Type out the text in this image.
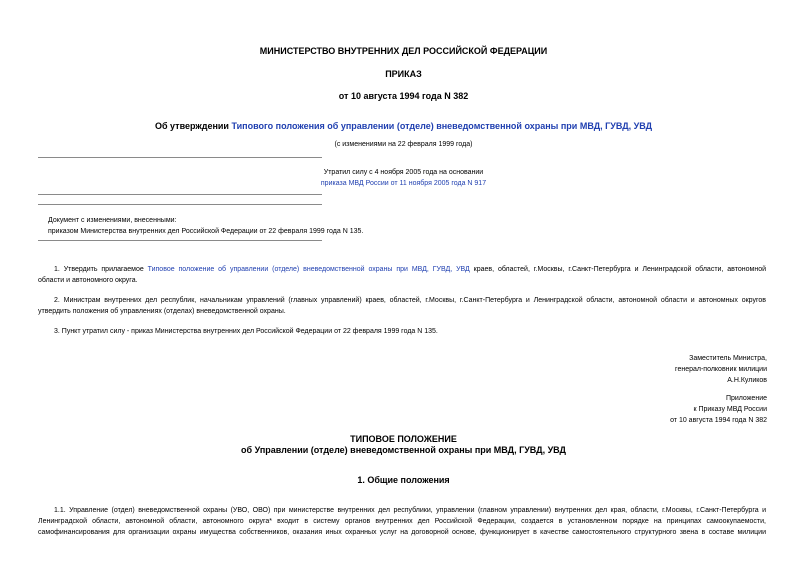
МИНИСТЕРСТВО ВНУТРЕННИХ ДЕЛ РОССИЙСКОЙ ФЕДЕРАЦИИ
ПРИКАЗ
от 10 августа 1994 года N 382
Об утверждении Типового положения об управлении (отделе) вневедомственной охраны при МВД, ГУВД, УВД
(с изменениями на 22 февраля 1999 года)
Утратил силу с 4 ноября 2005 года на основании
приказа МВД России от 11 ноября 2005 года N 917
Документ с изменениями, внесенными:
приказом Министерства внутренних дел Российской Федерации от 22 февраля 1999 года N 135.
1. Утвердить прилагаемое Типовое положение об управлении (отделе) вневедомственной охраны при МВД, ГУВД, УВД краев, областей, г.Москвы, г.Санкт-Петербурга и Ленинградской области, автономной
области и автономного округа.
2. Министрам внутренних дел республик, начальникам управлений (главных управлений) краев, областей, г.Москвы, г.Санкт-Петербурга и Ленинградской области, автономной области и автономных округов
утвердить положения об управлениях (отделах) вневедомственной охраны.
3. Пункт утратил силу - приказ Министерства внутренних дел Российской Федерации от 22 февраля 1999 года N 135.
Заместитель Министра,
генерал-полковник милиции
А.Н.Куликов
Приложение
к Приказу МВД России
от 10 августа 1994 года N 382
ТИПОВОЕ ПОЛОЖЕНИЕ
об Управлении (отделе) вневедомственной охраны при МВД, ГУВД, УВД
1. Общие положения
1.1. Управление (отдел) вневедомственной охраны (УВО, ОВО) при министерстве внутренних дел республики, управлении (главном управлении) внутренних дел края, области, г.Москвы, г.Санкт-Петербурга и
Ленинградской области, автономной области, автономного округа* входит в систему органов внутренних дел Российской Федерации, создается в установленном порядке на принципах самоокупаемости,
самофинансирования для организации охраны имущества собственников, оказания иных охранных услуг на договорной основе, функционирует в качестве самостоятельного структурного звена в составе милиции
